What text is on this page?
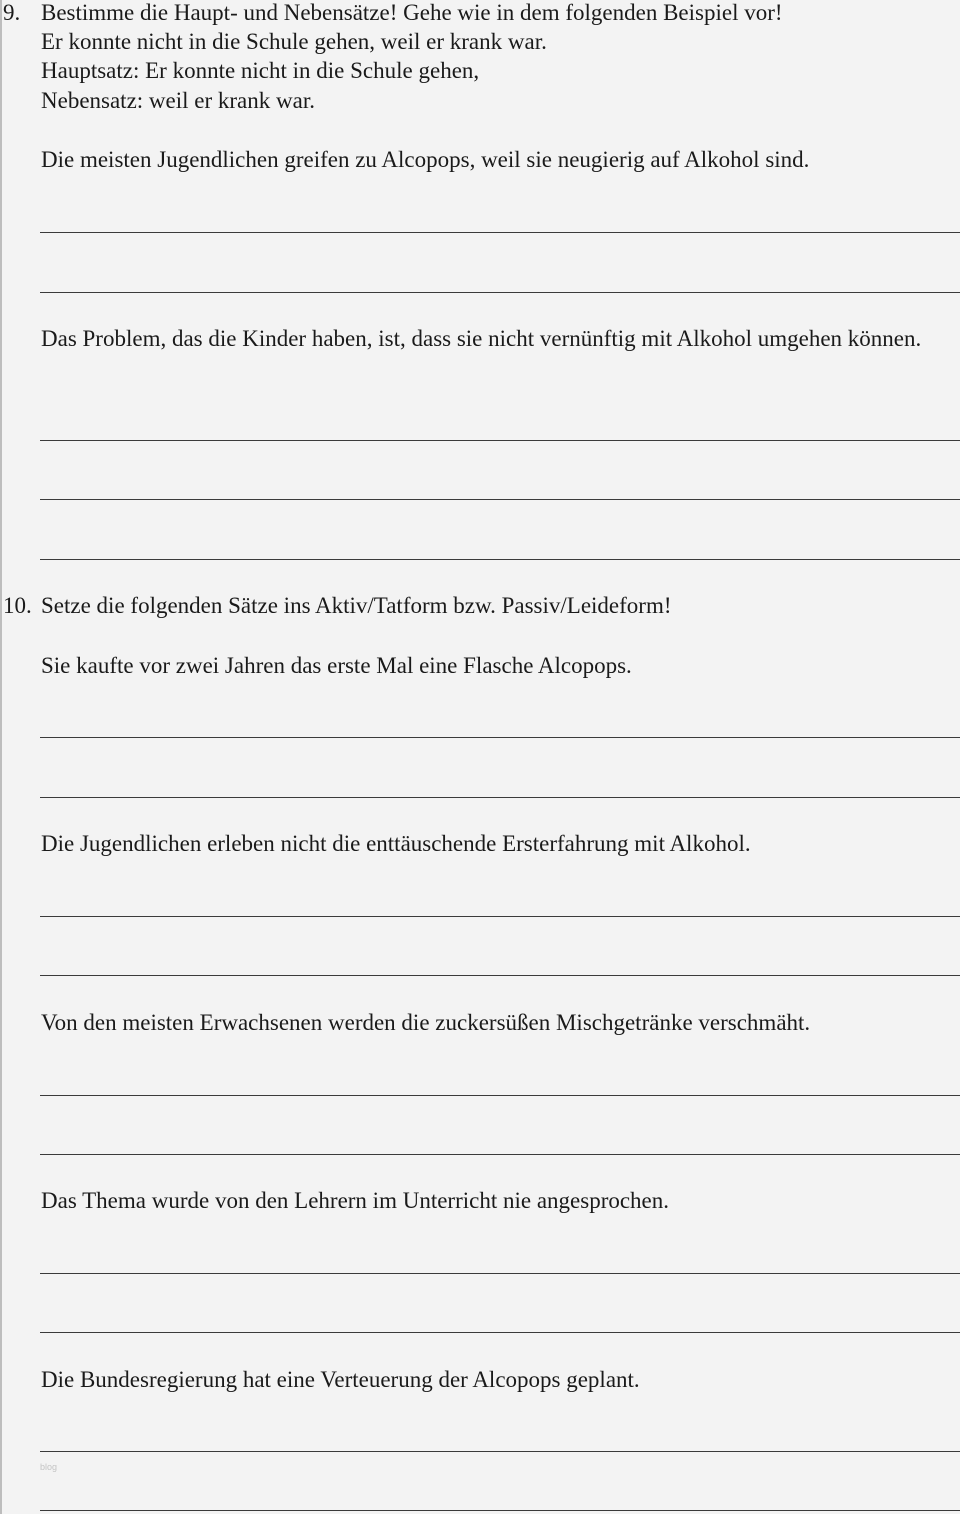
9. Bestimme die Haupt- und Nebensätze! Gehe wie in dem folgenden Beispiel vor!
Er konnte nicht in die Schule gehen, weil er krank war.
Hauptsatz: Er konnte nicht in die Schule gehen,
Nebensatz: weil er krank war.
Die meisten Jugendlichen greifen zu Alcopops, weil sie neugierig auf Alkohol sind.
Das Problem, das die Kinder haben, ist, dass sie nicht vernünftig mit Alkohol umgehen können.
10. Setze die folgenden Sätze ins Aktiv/Tatform bzw. Passiv/Leideform!
Sie kaufte vor zwei Jahren das erste Mal eine Flasche Alcopops.
Die Jugendlichen erleben nicht die enttäuschende Ersterfahrung mit Alkohol.
Von den meisten Erwachsenen werden die zuckersüßen Mischgetränke verschmäht.
Das Thema wurde von den Lehrern im Unterricht nie angesprochen.
Die Bundesregierung hat eine Verteuerung der Alcopops geplant.
blog
